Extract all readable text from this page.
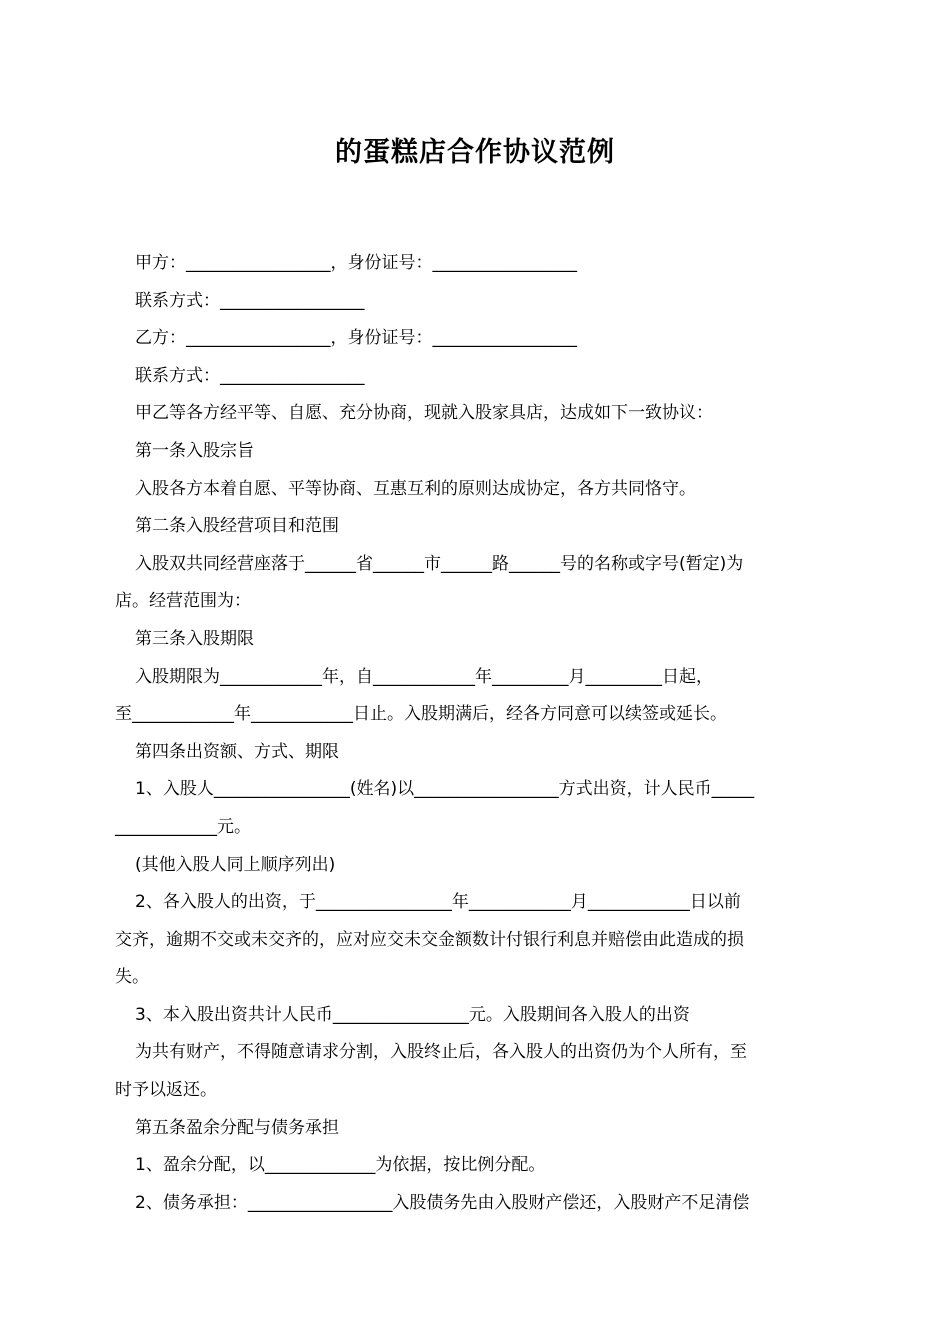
的蛋糕店合作协议范例
甲方：_________________，身份证号：_________________
联系方式：_________________
乙方：_________________，身份证号：_________________
联系方式：_________________
甲乙等各方经平等、自愿、充分协商，现就入股家具店，达成如下一致协议：
第一条入股宗旨
入股各方本着自愿、平等协商、互惠互利的原则达成协定，各方共同恪守。
第二条入股经营项目和范围
入股双共同经营座落于______省______市______路______号的名称或字号(暂定)为
店。经营范围为：
第三条入股期限
入股期限为____________年，自____________年_________月_________日起，
至____________年____________日止。入股期满后，经各方同意可以续签或延长。
第四条出资额、方式、期限
1、入股人________________(姓名)以_________________方式出资，计人民币_____
____________元。
(其他入股人同上顺序列出)
2、各入股人的出资，于________________年____________月____________日以前
交齐，逾期不交或未交齐的，应对应交未交金额数计付银行利息并赔偿由此造成的损
失。
3、本入股出资共计人民币________________元。入股期间各入股人的出资
为共有财产，不得随意请求分割，入股终止后，各入股人的出资仍为个人所有，至
时予以返还。
第五条盈余分配与债务承担
1、盈余分配，以_____________为依据，按比例分配。
2、债务承担：_________________入股债务先由入股财产偿还，入股财产不足清偿
